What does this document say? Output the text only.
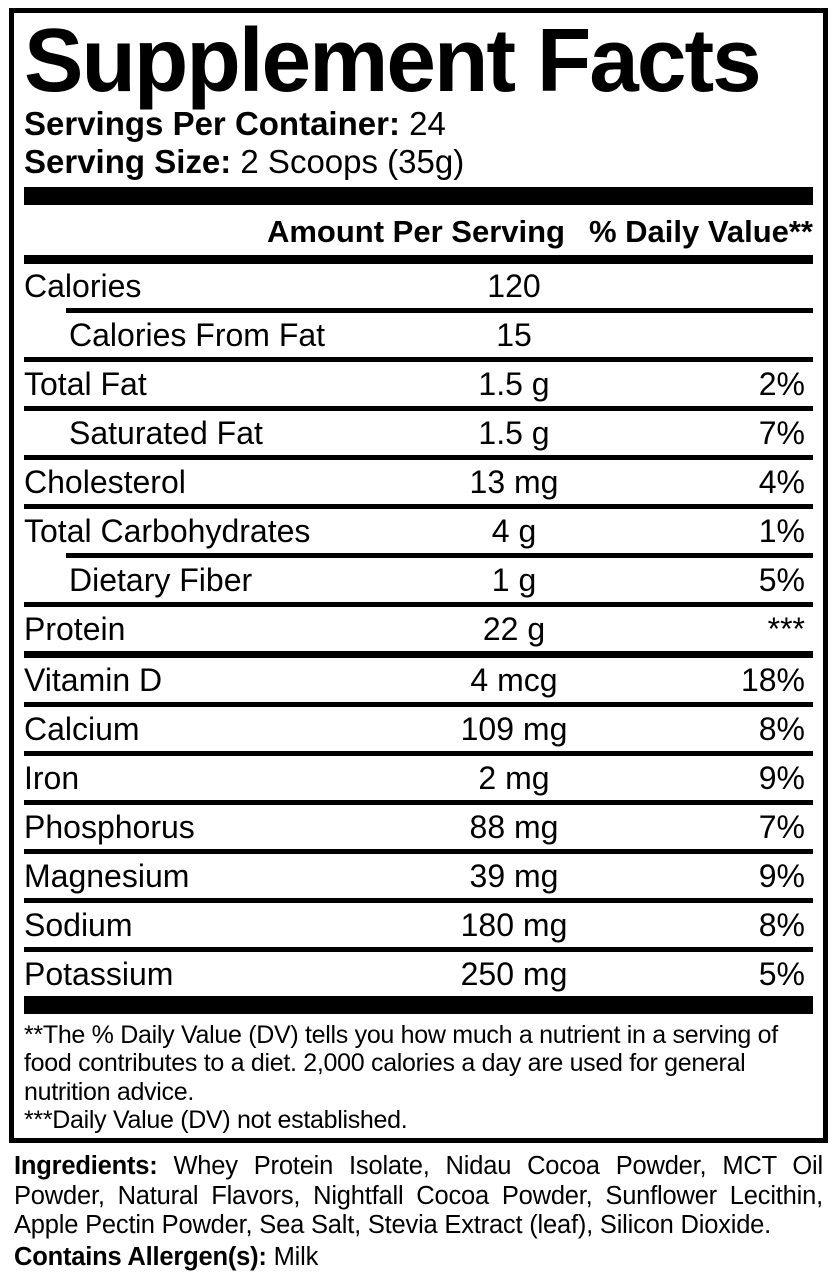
Supplement Facts
Servings Per Container: 24
Serving Size: 2 Scoops (35g)
Amount Per Serving % Daily Value**
Calories	120
Calories From Fat	15
Total Fat	1.5 g	2%
Saturated Fat	1.5 g	7%
Cholesterol	13 mg	4%
Total Carbohydrates	4 g	1%
Dietary Fiber	1 g	5%
Protein	22 g	***
Vitamin D	4 mcg	18%
Calcium	109 mg	8%
Iron	2 mg	9%
Phosphorus	88 mg	7%
Magnesium	39 mg	9%
Sodium	180 mg	8%
Potassium	250 mg	5%

**The % Daily Value (DV) tells you how much a nutrient in a serving of food contributes to a diet. 2,000 calories a day are used for general nutrition advice.

***Daily Value (DV) not established.

Ingredients: Whey Protein Isolate, Nidau Cocoa Powder, MCT Oil Powder, Natural Flavors, Nightfall Cocoa Powder, Sunflower Lecithin, Apple Pectin Powder, Sea Salt, Stevia Extract (leaf), Silicon Dioxide.
Contains Allergen(s): Milk
